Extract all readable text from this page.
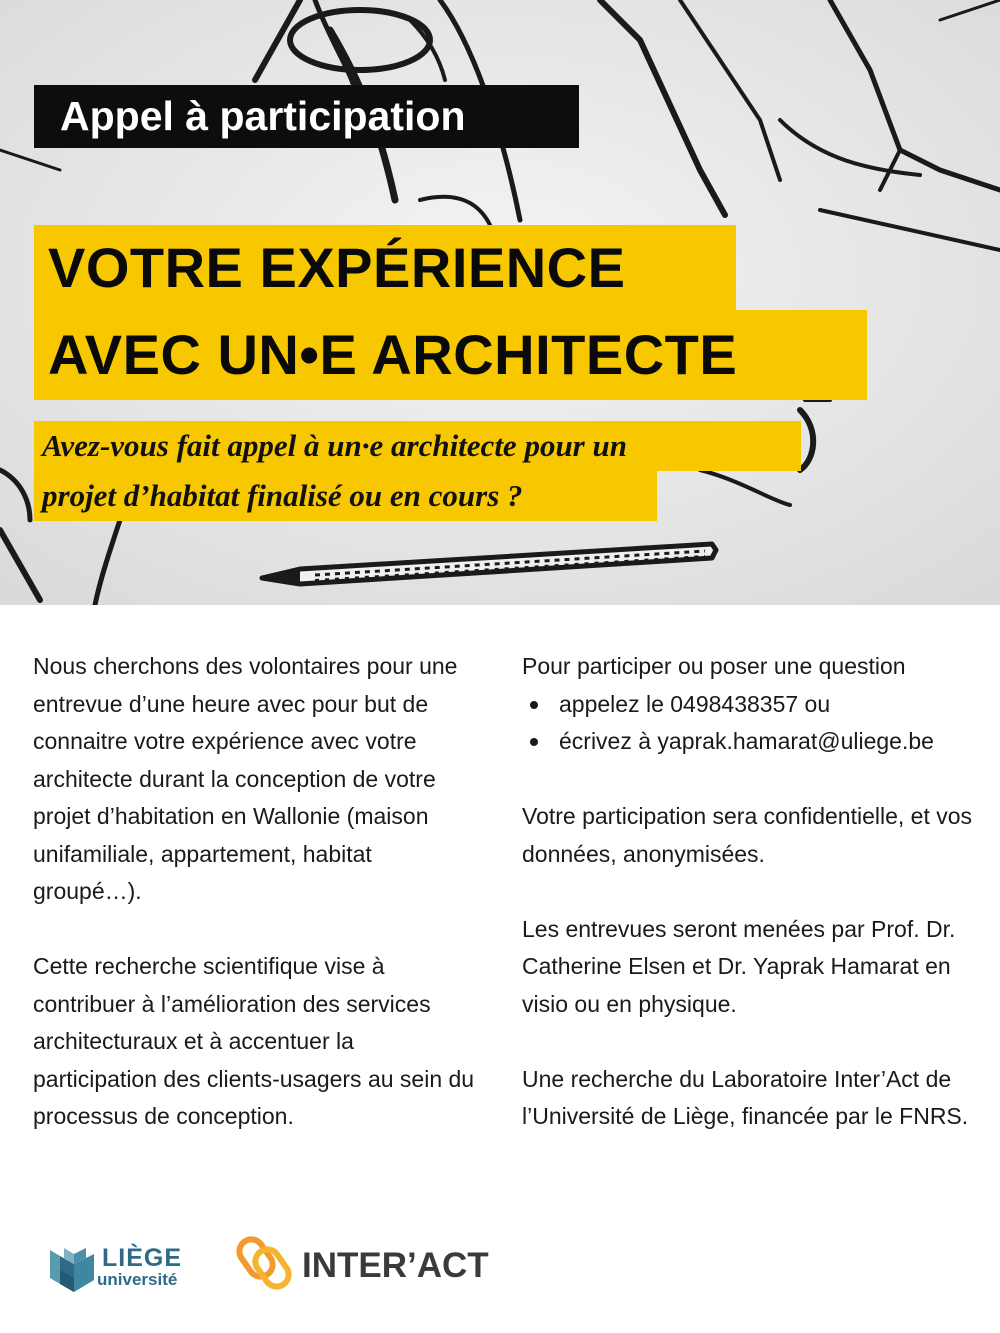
Appel à participation
VOTRE EXPÉRIENCE
AVEC UN•E ARCHITECTE
Avez-vous fait appel à un·e architecte pour un
projet d’habitat finalisé ou en cours ?

Nous cherchons des volontaires pour une entrevue d’une heure avec pour but de connaitre votre expérience avec votre architecte durant la conception de votre projet d’habitation en Wallonie (maison unifamiliale, appartement, habitat groupé…).

Cette recherche scientifique vise à contribuer à l’amélioration des services architecturaux et à accentuer la participation des clients-usagers au sein du processus de conception.

Pour participer ou poser une question

appelez le 0498438357 ou
écrivez à yaprak.hamarat@uliege.be

Votre participation sera confidentielle, et vos données, anonymisées.

Les entrevues seront menées par Prof. Dr. Catherine Elsen et Dr. Yaprak Hamarat en visio ou en physique.

Une recherche du Laboratoire Inter’Act de l’Université de Liège, financée par le FNRS.

LIÈGE
université	INTER’ACT
